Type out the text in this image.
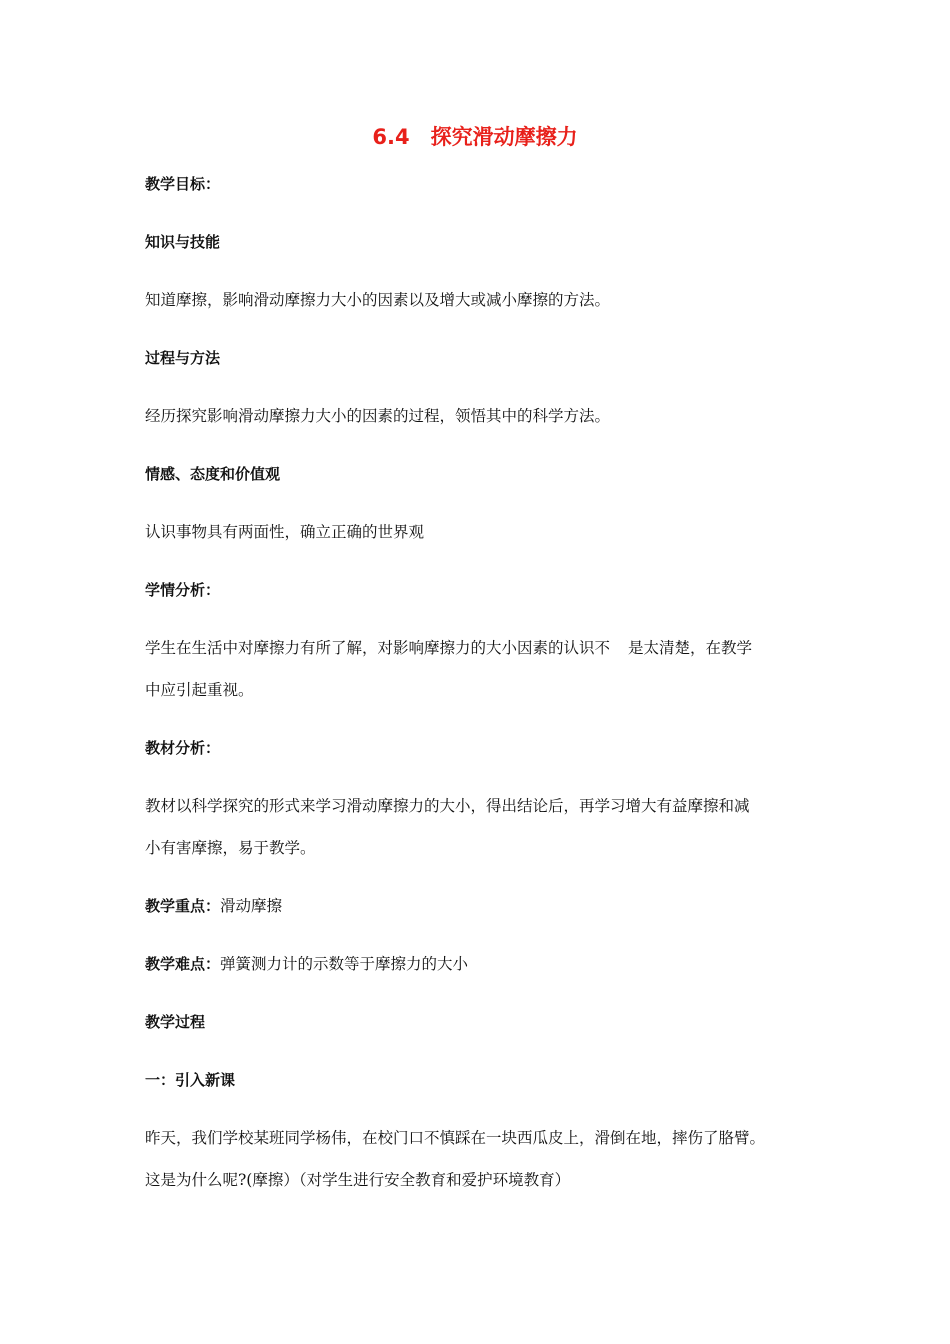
6.4　探究滑动摩擦力
教学目标：
知识与技能
知道摩擦，影响滑动摩擦力大小的因素以及增大或减小摩擦的方法。
过程与方法
经历探究影响滑动摩擦力大小的因素的过程，领悟其中的科学方法。
情感、态度和价值观
认识事物具有两面性，确立正确的世界观
学情分析：
学生在生活中对摩擦力有所了解，对影响摩擦力的大小因素的认识不 是太清楚，在教学
中应引起重视。
教材分析：
教材以科学探究的形式来学习滑动摩擦力的大小，得出结论后，再学习增大有益摩擦和减
小有害摩擦，易于教学。
教学重点：滑动摩擦
教学难点：弹簧测力计的示数等于摩擦力的大小
教学过程
一：引入新课
昨天，我们学校某班同学杨伟，在校门口不慎踩在一块西瓜皮上，滑倒在地，摔伤了胳臂。
这是为什么呢?(摩擦）（对学生进行安全教育和爱护环境教育）
